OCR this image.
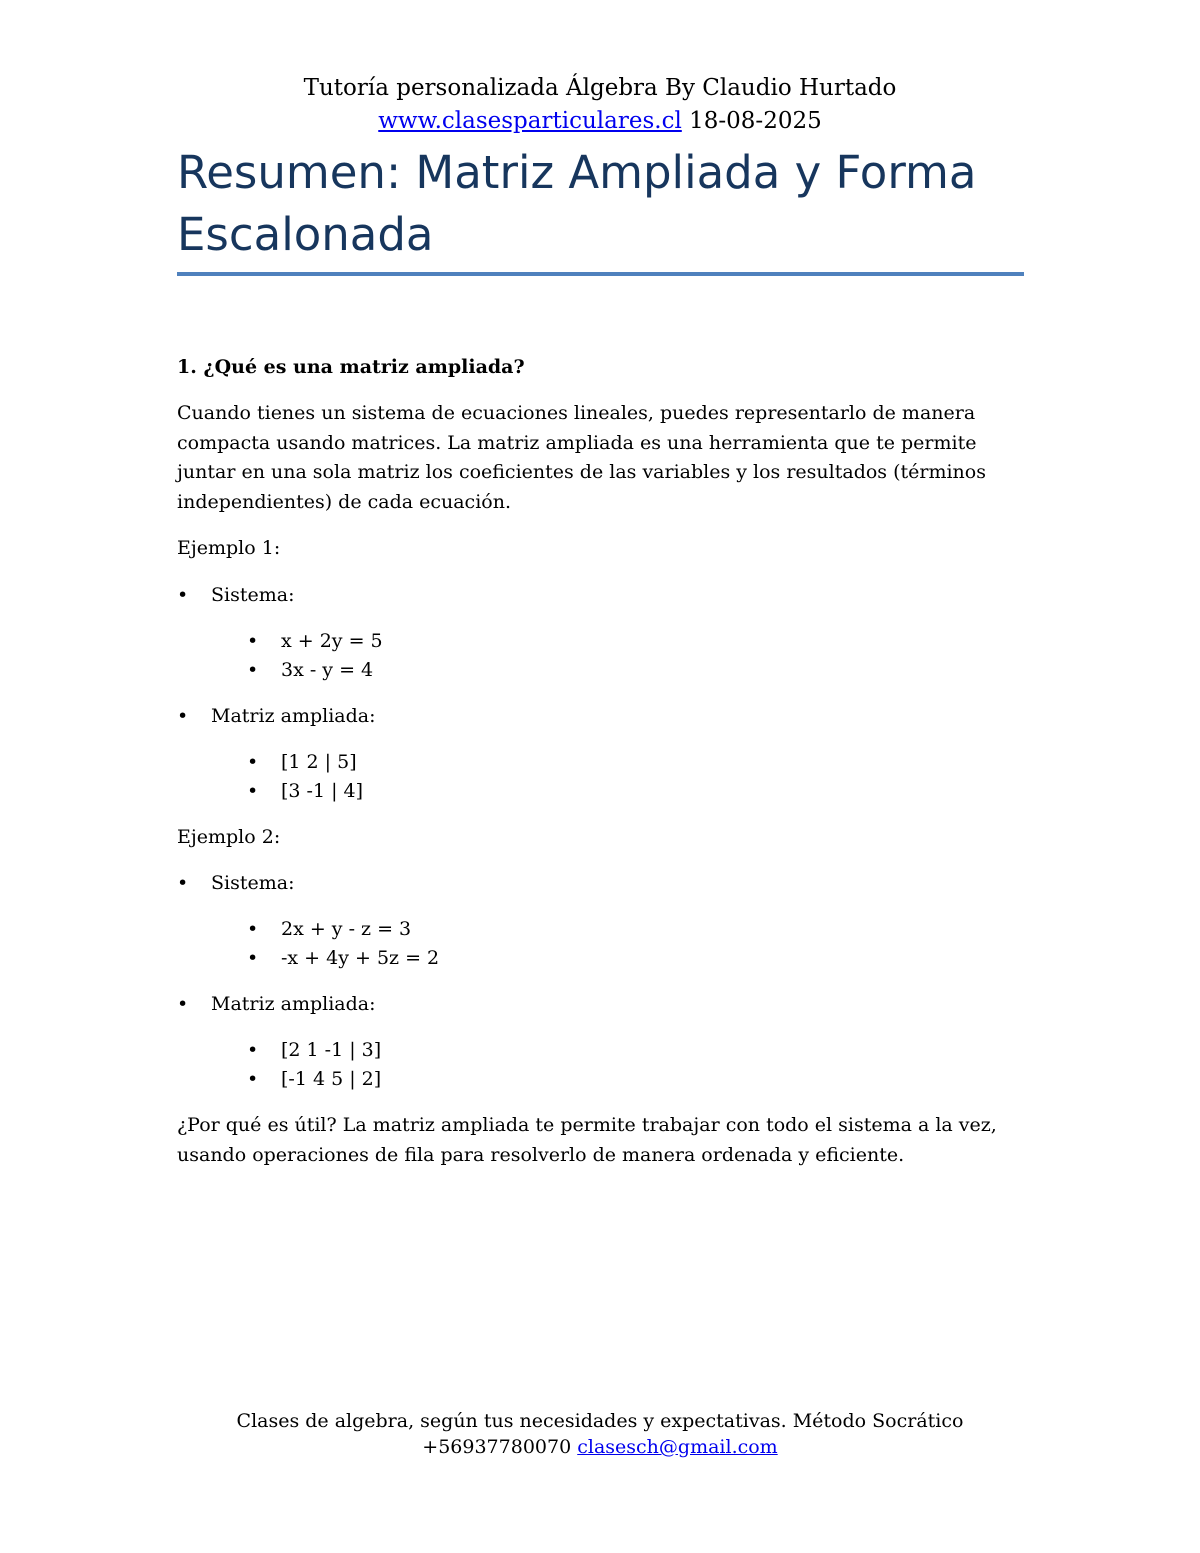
Tutoría personalizada Álgebra By Claudio Hurtado
www.clasesparticulares.cl 18-08-2025
Resumen: Matriz Ampliada y Forma Escalonada

1. ¿Qué es una matriz ampliada?

Cuando tienes un sistema de ecuaciones lineales, puedes representarlo de manera compacta usando matrices. La matriz ampliada es una herramienta que te permite juntar en una sola matriz los coeficientes de las variables y los resultados (términos independientes) de cada ecuación.

Ejemplo 1:

• Sistema:
• x + 2y = 5
• 3x - y = 4
• Matriz ampliada:
• [1 2 | 5]
• [3 -1 | 4]

Ejemplo 2:

• Sistema:
• 2x + y - z = 3
• -x + 4y + 5z = 2
• Matriz ampliada:
• [2 1 -1 | 3]
• [-1 4 5 | 2]

¿Por qué es útil? La matriz ampliada te permite trabajar con todo el sistema a la vez, usando operaciones de fila para resolverlo de manera ordenada y eficiente.

Clases de algebra, según tus necesidades y expectativas. Método Socrático
+56937780070 clasesch@gmail.com
